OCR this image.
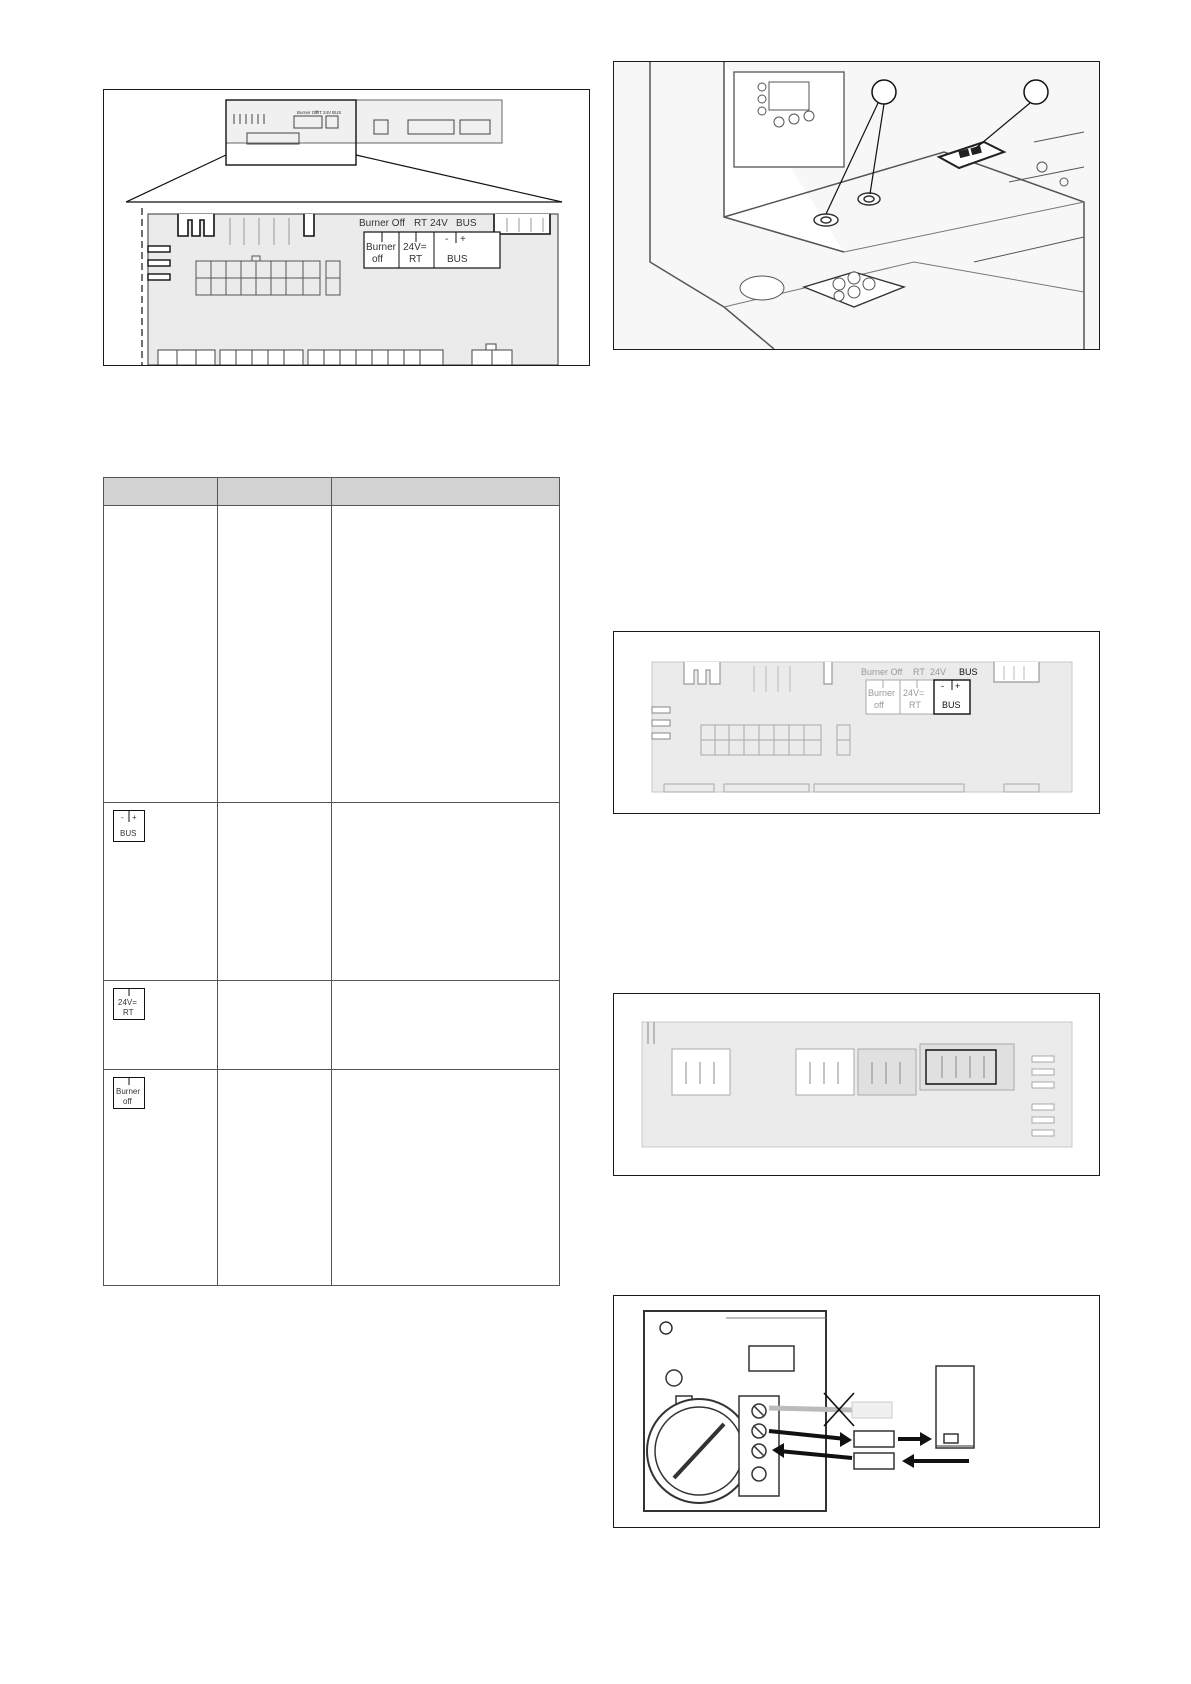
Burner Off
RT 24V BUS
Burner Off RT 24V BUS
Burner
off
24V=
RT
- +
BUS

- +
BUS		

24V=
RT		

Burner
off		

Burner Off RT 24V BUS
Burner
off
24V=
RT
- +
BUS
